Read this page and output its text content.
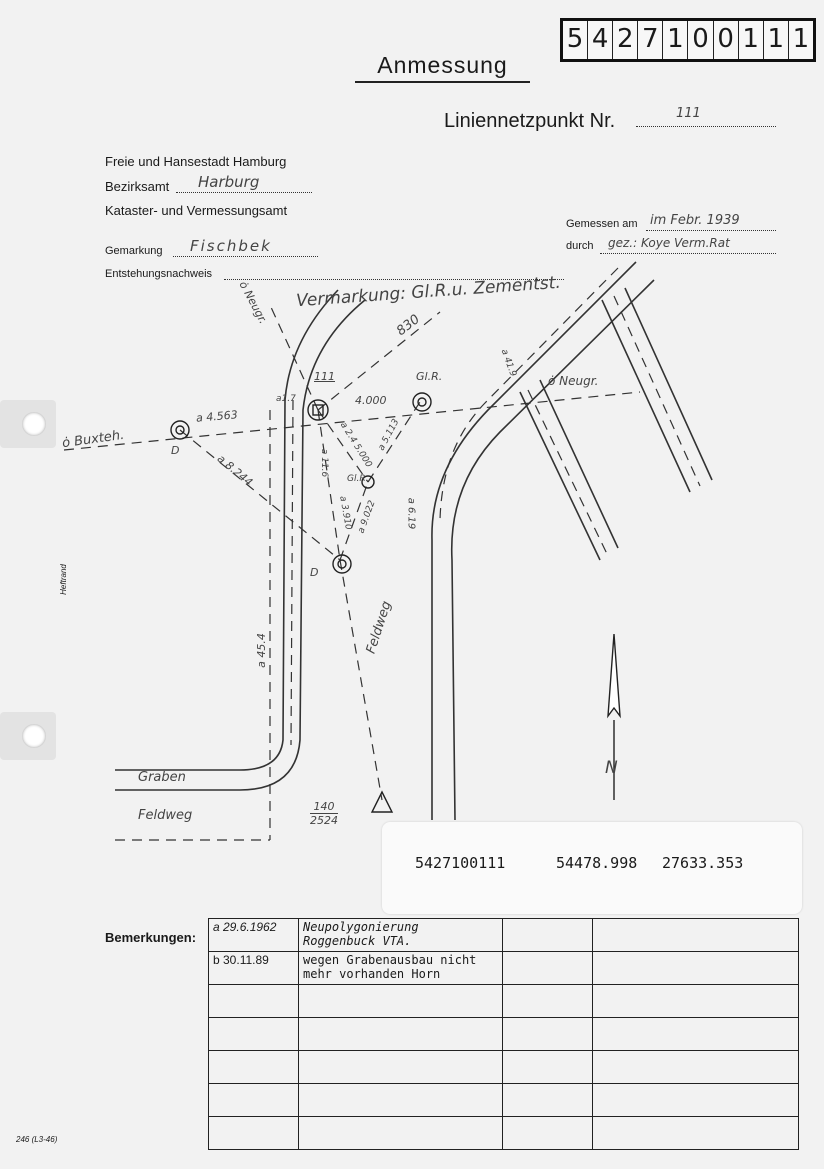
5 4 2 7 1 0 0 1 1 1
Anmessung
Liniennetzpunkt Nr.	111
Freie und Hansestadt Hamburg
Bezirksamt Harburg
Kataster- und Vermessungsamt
Gemessen am im Febr. 1939
durch gez.: Koye Verm.Rat
Gemarkung Fischbek
Entstehungsnachweis	Vermarkung: Gl.R.u. Zementst.
ȯ Neugr.	830
ȯ Neugr.
111
a1.7	4.000
Gl.R.
ȯ Buxteh.
a 4.563
a 8.244
D
Gl.R.
a 2.4 5.000 a 5.113
a 11.6
a 3.910 a 9.022	a 6.19
a 41.9
D
Feldweg
a 45.4
Graben
Feldweg	$\frac{140}{2524}$
N
5427100111	54478.998 27633.353
Heftrand
Bemerkungen:
a 29.6.1962	Neupolygonierung Roggenbuck VTA.		
b 30.11.89	wegen Grabenausbau nicht mehr vorhanden Horn		

246 (L3-46)
